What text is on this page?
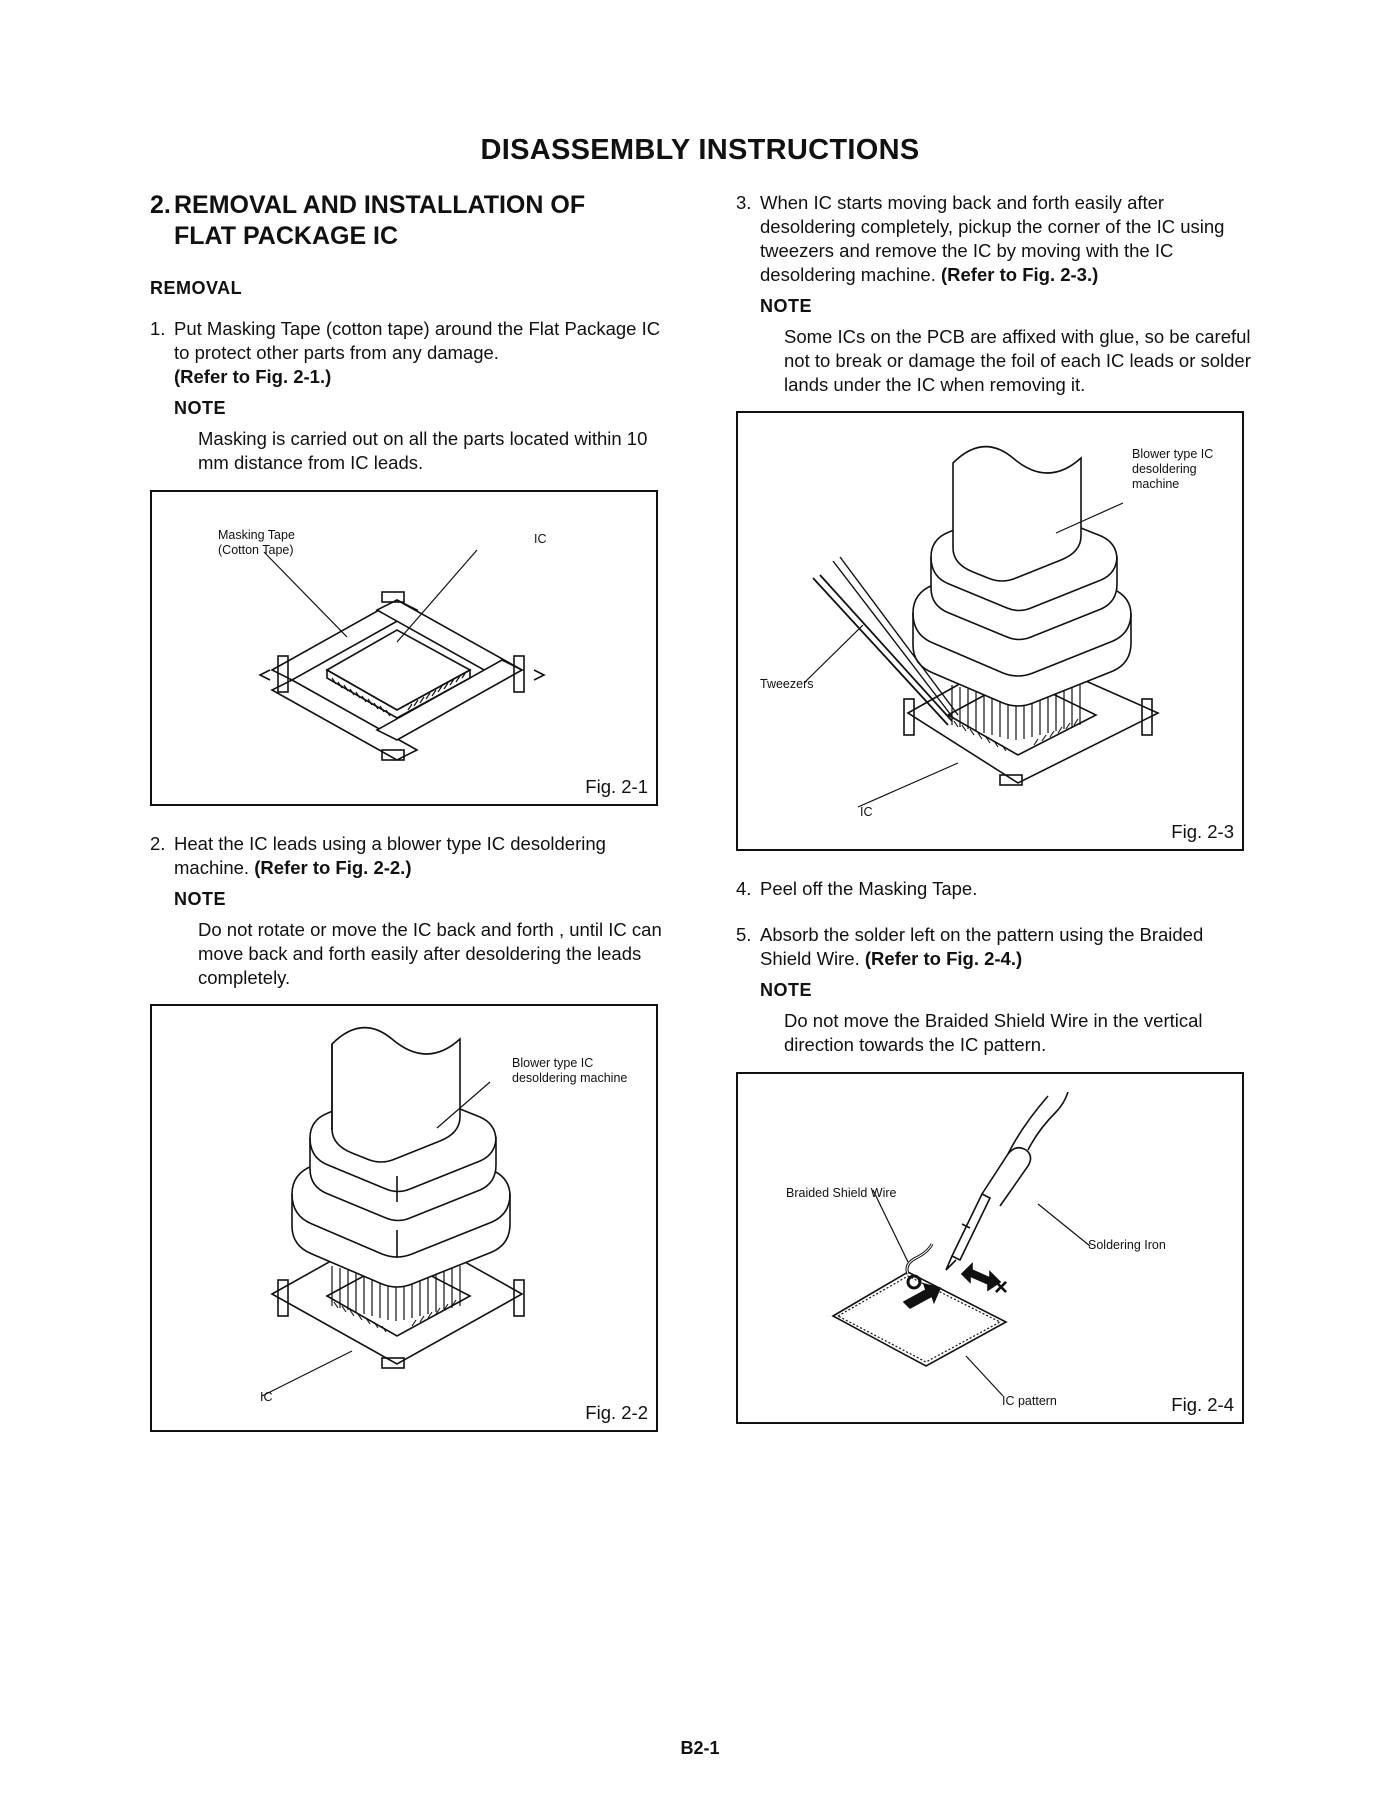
DISASSEMBLY INSTRUCTIONS
2. REMOVAL AND INSTALLATION OF
FLAT PACKAGE IC
REMOVAL
1. Put Masking Tape (cotton tape) around the Flat Package IC to protect other parts from any damage.
(Refer to Fig. 2-1.)
NOTE
Masking is carried out on all the parts located within 10 mm distance from IC leads.
Masking Tape
(Cotton Tape)
IC
Fig. 2-1
2. Heat the IC leads using a blower type IC desoldering machine. (Refer to Fig. 2-2.)
NOTE
Do not rotate or move the IC back and forth , until IC can move back and forth easily after desoldering the leads completely.
Blower type IC
desoldering machine
IC
Fig. 2-2
3. When IC starts moving back and forth easily after desoldering completely, pickup the corner of the IC using tweezers and remove the IC by moving with the IC desoldering machine. (Refer to Fig. 2-3.)
NOTE
Some ICs on the PCB are affixed with glue, so be careful not to break or damage the foil of each IC leads or solder lands under the IC when removing it.
Blower type IC
desoldering
machine
Tweezers
IC
Fig. 2-3
4. Peel off the Masking Tape.
5. Absorb the solder left on the pattern using the Braided Shield Wire. (Refer to Fig. 2-4.)
NOTE
Do not move the Braided Shield Wire in the vertical direction towards the IC pattern.
Braided Shield Wire
Soldering Iron
IC pattern
×
Fig. 2-4
B2-1
